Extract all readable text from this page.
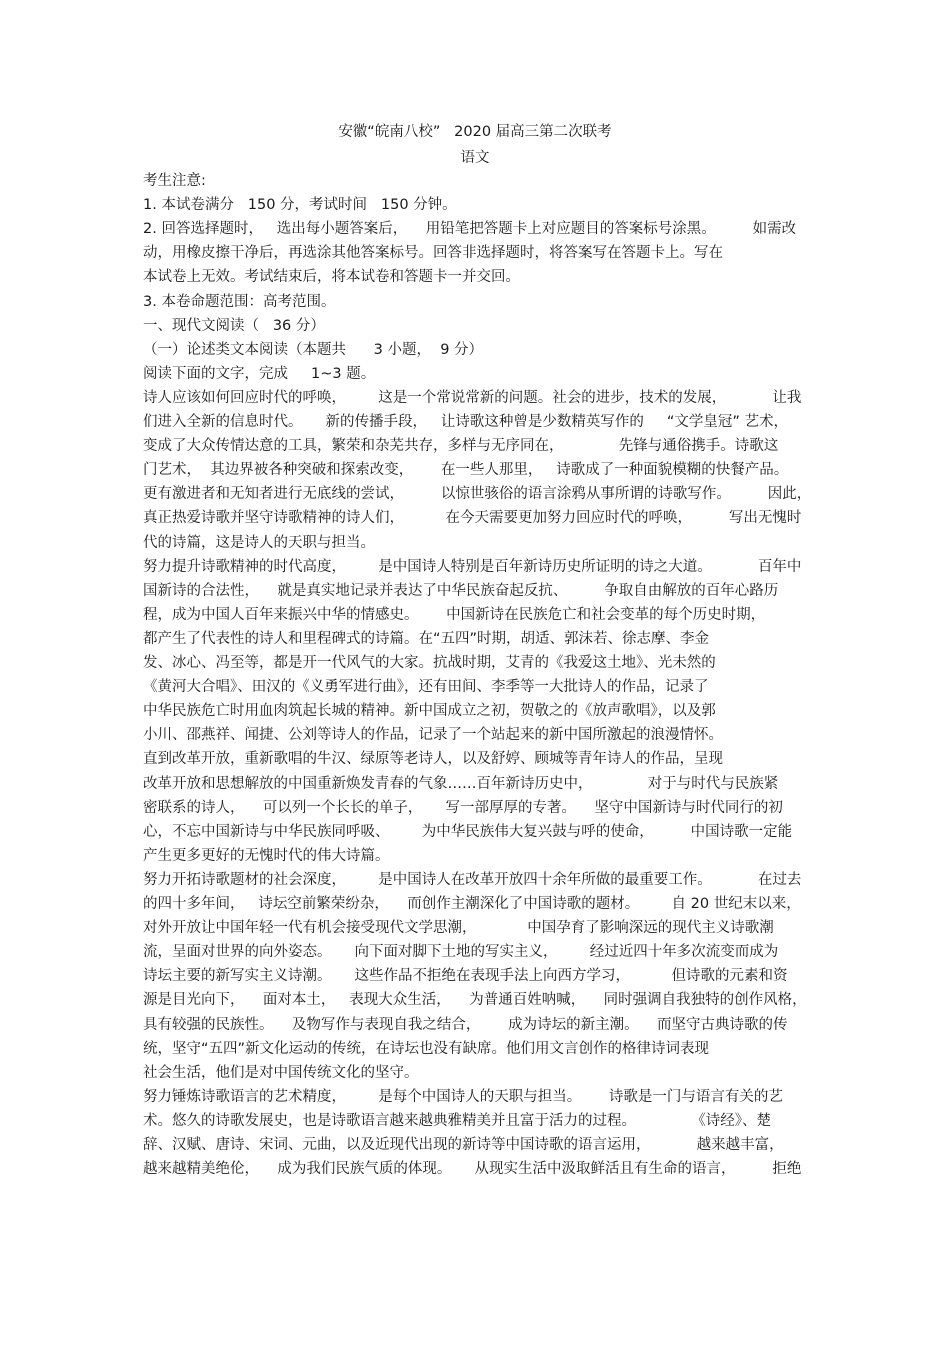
安徽“皖南八校”   2020 届高三第二次联考
语文
考生注意:
1. 本试卷满分   150 分，考试时间   150 分钟。
2. 回答选择题时，   选出每小题答案后，    用铅笔把答题卡上对应题目的答案标号涂黑。        如需改
动，用橡皮擦干净后，再选涂其他答案标号。回答非选择题时，将答案写在答题卡上。写在
本试卷上无效。考试结束后，将本试卷和答题卡一并交回。
3. 本卷命题范围：高考范围。
一、现代文阅读（   36 分）
（一）论述类文本阅读（本题共      3 小题，  9 分）
阅读下面的文字，完成     1~3 题。
诗人应该如何回应时代的呼唤，       这是一个常说常新的问题。社会的进步，技术的发展，          让我
们进入全新的信息时代。     新的传播手段，   让诗歌这种曾是少数精英写作的     “文学皇冠” 艺术，
变成了大众传情达意的工具，繁荣和杂芜共存，多样与无序同在，            先锋与通俗携手。诗歌这
门艺术，  其边界被各种突破和探索改变，      在一些人那里，   诗歌成了一种面貌模糊的快餐产品。
更有激进者和无知者进行无底线的尝试，        以惊世骇俗的语言涂鸦从事所谓的诗歌写作。        因此，
真正热爱诗歌并坚守诗歌精神的诗人们，         在今天需要更加努力回应时代的呼唤，        写出无愧时
代的诗篇，这是诗人的天职与担当。
努力提升诗歌精神的时代高度，       是中国诗人特别是百年新诗历史所证明的诗之大道。          百年中
国新诗的合法性，    就是真实地记录并表达了中华民族奋起反抗、        争取自由解放的百年心路历
程，成为中国人百年来振兴中华的情感史。      中国新诗在民族危亡和社会变革的每个历史时期，
都产生了代表性的诗人和里程碑式的诗篇。在“五四”时期，胡适、郭沫若、徐志摩、李金
发、冰心、冯至等，都是开一代风气的大家。抗战时期，艾青的《我爱这土地》、光未然的
《黄河大合唱》、田汉的《义勇军进行曲》，还有田间、李季等一大批诗人的作品，记录了
中华民族危亡时用血肉筑起长城的精神。新中国成立之初，贺敬之的《放声歌唱》，以及郭
小川、邵燕祥、闻捷、公刘等诗人的作品，记录了一个站起来的新中国所激起的浪漫情怀。
直到改革开放，重新歌唱的牛汉、绿原等老诗人，以及舒婷、顾城等青年诗人的作品，呈现
改革开放和思想解放的中国重新焕发青春的气象……百年新诗历史中，            对于与时代与民族紧
密联系的诗人，    可以列一个长长的单子，     写一部厚厚的专著。    坚守中国新诗与时代同行的初
心，不忘中国新诗与中华民族同呼吸、       为中华民族伟大复兴鼓与呼的使命，        中国诗歌一定能
产生更多更好的无愧时代的伟大诗篇。
努力开拓诗歌题材的社会深度，       是中国诗人在改革开放四十余年所做的最重要工作。          在过去
的四十多年间，   诗坛空前繁荣纷杂，    而创作主潮深化了中国诗歌的题材。       自 20 世纪末以来，
对外开放让中国年轻一代有机会接受现代文学思潮，           中国孕育了影响深远的现代主义诗歌潮
流，呈面对世界的向外姿态。     向下面对脚下土地的写实主义，       经过近四十年多次流变而成为
诗坛主要的新写实主义诗潮。     这些作品不拒绝在表现手法上向西方学习，         但诗歌的元素和资
源是目光向下，    面对本土，   表现大众生活，    为普通百姓呐喊，    同时强调自我独特的创作风格，
具有较强的民族性。    及物写作与表现自我之结合，      成为诗坛的新主潮。    而坚守古典诗歌的传
统，坚守“五四”新文化运动的传统，在诗坛也没有缺席。他们用文言创作的格律诗词表现
社会生活，他们是对中国传统文化的坚守。
努力锤炼诗歌语言的艺术精度，       是每个中国诗人的天职与担当。      诗歌是一门与语言有关的艺
术。悠久的诗歌发展史，也是诗歌语言越来越典雅精美并且富于活力的过程。            《诗经》、楚
辞、汉赋、唐诗、宋词、元曲，以及近现代出现的新诗等中国诗歌的语言运用，          越来越丰富，
越来越精美绝伦，    成为我们民族气质的体现。     从现实生活中汲取鲜活且有生命的语言，        拒绝
